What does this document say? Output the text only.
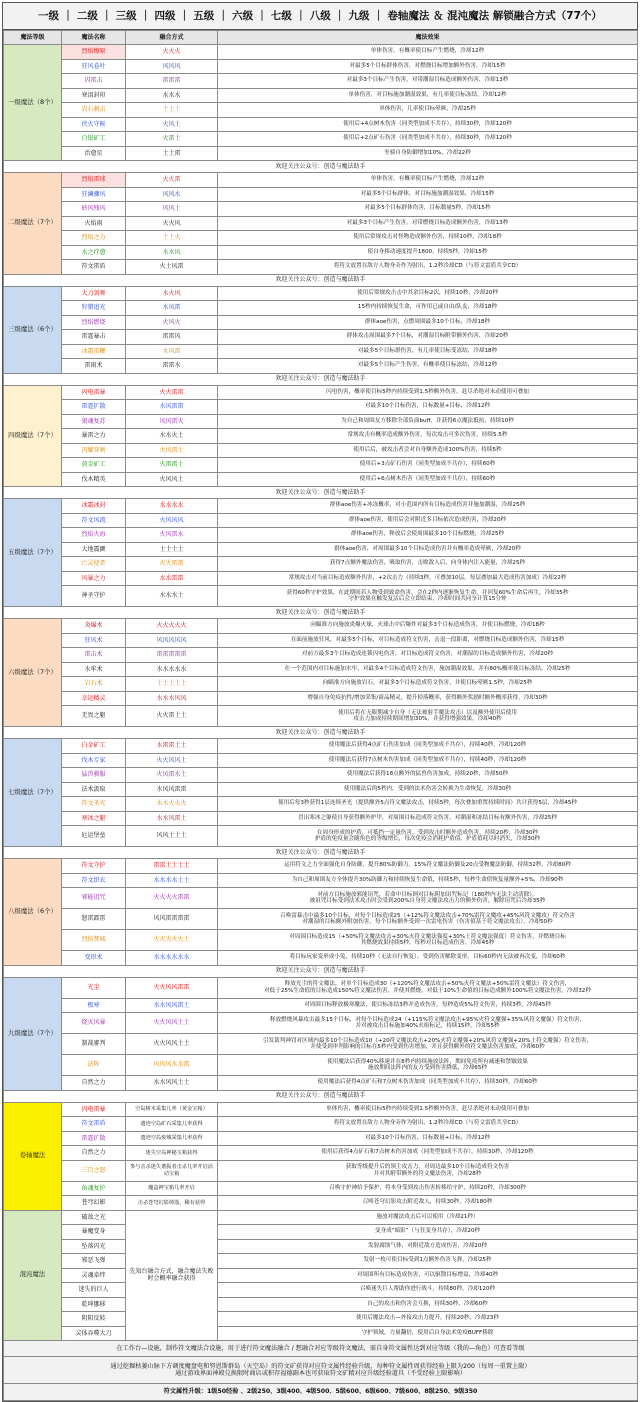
一级 ｜ 二级 ｜ 三级 ｜ 四级 ｜ 五级 ｜ 六级 ｜ 七级 ｜ 八级 ｜ 九级 ｜ 卷轴魔法 ＆ 混沌魔法 解锁融合方式（77个）
魔法等级	魔法名称	融合方式	魔法效果
一级魔法（8个）	烈焰燎原	火火火	单体伤害，有概率使目标产生燃烧，冷却12秒
	狂风卷叶	风风风	对最多5个目标群体伤害，对燃烧目标增加额外伤害，冷却15秒
	闪雷击	雷雷雷	对最多3个目标产生伤害，对带潮湿目标造成额外伤害，冷却13秒
	寒泪封印	水水水	单体伤害，对目标施加潮湿效果，有几率使目标冻结，冷却12秒
	岩石刺击	土土土	单体伤害，几率使目标晕厥，冷却25秒
	伏火守候	火风土	使用后+4点树木伤害（同类型加成不共存），持续30秒，冷却120秒
	白银矿工	火雷土	使用后+2点矿石伤害（同类型加成不共存），持续30秒，冷却120秒
	治愈星	土土雷	坐骑自身防御增加10%，冷却22秒
欢迎关注公众号：创造与魔法助手			
二级魔法（7个）	烈焰雷球	火火雷	单体伤害，有概率使目标产生燃烧，冷却12秒
	狂澜骤风	风风水	对最多5个目标群体，对目标施加潮湿效果，冷却15秒
	砂风残风	风风土	对最多5个目标群体伤害，目标数量5秒，冷却15秒
	火焰雨	火火风	对最多3个目标产生伤害，对带燃烧目标造成额外伤害，冷却13秒
	烈焰之力	土土火	使用后常规攻击对怪物造成额外伤害，持续10秒，冷却18秒
	水之疗愈	水水风	使自身移动速度提升1800，持续5秒，冷却15秒
	符文雷盾	火土风雷	将符文放置在敌方人物身旁作为射出，1.2秒冷却CD（与符文雷盾共享CD）
欢迎关注公众号：创造与魔法助手			
三级魔法（6个）	大刀剑舞	水火风	使用后常规攻击击中其余目标2次，持续10秒，冷却20秒
	狩猎追光	水风雷	15秒内持续恢复生命，可作用已或自由/队友，冷却18秒
	烈焰燃烧	火风火	群体aoe伤害，点燃周围最多10个目标，冷却18秒
	雷霆暴击	雷雷风	群体攻击周围最多7个目标，对潮湿目标附带额外伤害，冷却20秒
	冰霜雷鞭	水风雷	对最多5个目标群伤害，有几率使目标受冻结，冷却18秒
	雷雨术	雷雷水	对最多5个目标产生伤害，有概率使目标冻结，冷却12秒
欢迎关注公众号：创造与魔法助手			
四级魔法（7个）	闪电雷暴	火火雷雷	闪电伤害，概率使目标5秒内持续受到1.5秒额外伤害，赶尽杀绝对未动使用可叠加
	雷霆扩散	水风雷雷	对最多10个目标伤害，目标数量+目标，冷却12秒
	狼魂复苏	风风雷火	为自己和周围友方移除全部负面buff，并获得6点魔法抵抗，持续10秒
	暴雷之力	水水火土	常规攻击有概率造成额外伤害，每次攻击可多次伤害，持续5.5秒
	闪耀穿刺	火风雷土	使用后后，被攻击者会对自身额外造成100%伤害，持续5秒
	黄金矿工	火雷雷土	使用后+3点矿石伤害（同类型加成不共存），持续60秒
	伐木精英	火风风土	使用后+6点树木伤害（同类型加成不共存），持续60秒
欢迎关注公众号：创造与魔法助手			
五级魔法（7个）	冰霜冰封	水水水水	群体aoe伤害+冰冻概率，对小范围内所有目标造成伤害并施加潮湿，冷却25秒
	符文风流	火风风风	群体aoe伤害，使用后会对附近多目标依次造成伤害，冷却20秒
	烈焰火海	火风雷水	群体aoe伤害，释放后会使周围最多10个目标燃烧，冷却25秒
	大地震颤	土土土土	群体aoe伤害，对周围最多10个目标造成伤害并有概率造成晕厥，冷却20秒
	亡灵使者	火火雷雷	获得7点额外魔法伤害，吸取伤害，击败敌人后，向身体内注入能量，冷却25秒
	风暴之力	水水雷雷	常规攻击对当前目标造成额外伤害，+2次击力（持续3秒，可叠加10层，每层叠加最大造成伤害加成）冷却22秒
	神圣守护	水水水土	获得60秒守护效果，在此期间若人物受到致命伤害，会在2秒内逐渐恢复生命，并回复60%生命后再生，冷却35秒
守护效果在触发复活后会立即结束，冷却时间共同享计算15分钟
欢迎关注公众号：创造与魔法助手			
六级魔法（7个）	炎爆术	火火火火火	向瞄准方向施放炎爆火球，火球击中后爆炸对最多3个目标造成伤害，并使目标燃烧，冷却18秒
	狂风术	风风风风风	在面前施放狂风，对最多5个目标，对目标造成符文伤害，击退一段距离，对燃烧目标造成额外伤害，冷却15秒
	雷击术	雷雷雷雷雷	对前方最多3个目标造成连锁闪电伤害，对目标造成符文伤害，对潮湿的目标造成额外伤害，冷却20秒
	水牢术	水水水水水	在一个范围内对目标施加水牢，对最多4个目标造成符文伤害，施加潮湿效果，并有80%概率使目标冻结，冷却25秒
	岩石术	土土土土土	向瞄准方向施放岩石，对最多3个目标造成符文伤害，并使目标晕厥1.5秒，冷却25秒
	幸运精灵	水水水风风	增强自身免疫抗性/增加采集/商品精灵，提升掉落概率，获得额外奖励时额外概率获得，冷却30秒
	无畏之躯	火火雷土土	使用后将在无限期减少自身（无法被射手魔法攻击）以及额外使用后使用
攻击力加成持续期间增加30%，并获得增强效果，冷却40秒
欢迎关注公众号：创造与魔法助手			
七级魔法（7个）	白金矿工	水雷雷土土	使用魔法后获得4点矿石伤害加成（同类型加成不共存），持续40秒，冷却120秒
	伐木专家	火火风风土	使用魔法后获得7点树木伤害加成（同类型加成不共存），持续40秒，冷却120秒
	猛兽驯服	火风雷水土	使用魔法后获得18点额外的猛兽伤害加成，持续20秒，冷却50秒
	法术汲取	水风风雷雷	使用魔法后的5秒内，受到的法术伤害会转换为生命恢复，冷却30秒
	符文圣光	水水火火火	使用后每3秒获得1层连续圣光（提供额外5点符文魔法攻击，持续5秒，每次叠加重置持续时间）共计获得5层，冷却45秒
	寒冰之躯	水水风雷土	冒出寒冰之躯使自身获得额外护甲，对周围目标造成符文伤害，对潮湿和冻结目标有额外伤害，冷却25秒
	厄运堡垒	风风土土土	在周身形成的护盾，可抵挡一定量伤害，受到攻击时额外造成伤害，持续20秒，冷却30秒
护盾的免疫量会随角色的等级增长，每次免疫会消耗护盾值，护盾值耗尽时消失，冷却30秒
欢迎关注公众号：创造与魔法助手			
八级魔法（6个）	符文守护	雷雷土土土土	运用符文之力全面强化自身防御，提升80%防御力，15%符文魔法防御及20点受物魔法防御，持续32秒，冷却80秒
	符文织衣	水水水水土土	为自己和周围友方全体提升30%防御力和持续恢复生命值，持续5秒，每秒生命值恢复量额外+5%，冷却90秒
	邪能诅咒	火火火火雷雷	对前方目标施放邪能诅咒，若命中目标则对目标附加诅咒标记（180秒内无法主动清除），
被诅咒目标受到法术攻击时会受到200%自身符文魔法攻击力的额外伤害，解除诅咒后冷却35秒
	怒雷霹雳	风风雷雷雷雷	召唤雷暴击中最多10个目标，对每个目标造成25（+12%符文魔法攻击+70%雷符文魔攻+45%风符文魔攻）符文伤害
对潮湿的目标额外附加伤害，每个目标额外受到一次雷电伤害（伤害值基于符文魔法攻击），冷却50秒
	烈焰焚城	火火火火火土	对周围目标造成15（+50%符文魔法攻击+30%火符文魔法强度+30%土符文魔法强度）符文伤害，并燃烧目标
其燃烧效果持续5秒，每秒对目标造成伤害，冷却45秒
	变形术	水水水水水水	将目标玩家变形成小兔，持续10秒（无法自行恢复），受到伤害解除变形，目标60秒内无法被再次变，冷却60秒
欢迎关注公众号：创造与魔法助手			
九级魔法（7个）	光尘	火火风风雷雷	释放光尘的符文魔法，对单个目标造成30（+120%符文魔法攻击+50%火符文魔法+50%雷符文魔法）符文伤害，
对低于25%生命值的目标造成150%符文魔法伤害，并使其燃烧，对低于10%生命值的目标造成额外100%符文魔法伤害，冷却32秒
	极寒	水水风风雷土	对周围目标释放极寒魔法，使目标冻结3秒并造成伤害，每秒造成5%符文伤害，持续3秒，冷却45秒
	烧灭风暴	火火风风土土	释放燃烧风暴攻击最多15个目标，对每个目标造成24（+115%符文魔法攻击+95%火符文魔强+35%风符文魔强）符文伤害，
并对被攻击目标施加40%火焰标记，持续15秒，冷却55秒
	制裁審判	火火风风土土	引发裁判神罚对区域内最多10个目标造成10（+20符文魔法攻击+20%火符文魔强+20%风符文魔强+20%土符文魔强）符文伤害，
并使受到审判影响的目标在5秒内受到伤害增加，并且获得额外的符文魔法伤害加成，冷却60秒
	法阵	风风风水水雷	使用魔法后获得40%移速并在8秒内持续施放法阵，期间免疫所有减速和禁锢效果
施放期间法阵内的友方受到伤害降低，冷却65秒
	自然之力	水水风风土土	使用魔法后获得4点矿石和7点树木伤害加成（同类型加成不共存），持续30秒，冷却60秒
欢迎关注公众号：创造与魔法助手			
卷轴魔法	闪电雷暴	空岛树木采集儿率（黄金宝箱）	单体伤害，概率使目标5秒内持续受到1.5秒额外伤害，赶尽杀绝对未动使用可叠加
	符文雷盾	遗迹空岛矿石采集儿率获得	将符文放置在敌方人物身旁作为射出，1.2秒冷却CD（与符文雷盾共享CD）
	雷霆扩散	遗迹空岛废墟采集儿率获得	对最多10个目标伤害，目标数量+目标，冷却12秒
	自然之力	迷失空岛神秘宝箱获得	使用后获得4点矿石和7点树木伤害加成（同类型加成不共存），持续30秒，冷却120秒
	三百之怒	参与击杀迷失谐振者击杀儿率开启活动宝箱	获取等级提升后的领主攻击力，对周边最多10个目标造成符文伤害
并对其附带额外的符文魔法伤害，冷却28秒
	角魂复护	魔盒神宝箱几率开启	召唤守护神给予保护，将本身受到攻击伤害转移给守护，持续20秒，冷却300秒
	苍穹幻影	击杀苍穹幻影掉落，稀有获得	召唤苍穹幻影攻击附近敌人，持续30秒，冷却180秒
混沌魔法	破敌之光	先知台融合方式，融合魔法失败时会概率融合获得	施放对魔法攻击后可以使用（冷却21秒）
	暴魔变身		变身成“暗影”（与狂变身共存），冷却20秒
	坠落闪光		发射腐蚀气体，对附近敌方造成伤害，冷却20秒
	邪恶飞弹		发射一枚可使目标受到1点额外伤害飞弹，冷却25秒
	灵魂牵绊		对周围所有目标造成伤害，可以驱散目标增益，冷却40秒
	迷失的巨人		召唤迷失巨人帮助你进行战斗，持续80秒，冷却120秒
	乾坤挪移		自己的攻击和伤害会互换，持续30秒，冷却60秒
	阴阳反转		使用后魔法攻击—外接攻击力提升，持续20秒，冷却23秒
	灵体吞噬大刀		守护领域，力量翻倍，使用后自身法术免疫BUFF移除
在工作台—设施，制作符文魔法合设施，用于进行符文魔法融合 / 想融合对应等级符文魔法，需自身符文属性达到对应等级（我的—角色）可查看等级			
通过挖掘枯萎山脉下方调度魔盘电和努恩斯群岛（天空岛）的符文矿获得对应符文属性经验升级，每种符文属性周获得经验上限为200（每周一重置上限）
通过游戏界面神殿兑换限时商店或积存福德副本也可获取符文矿精对应升级经验道具（不受经验上限影响）			
符文属性升级：1级50经验 、2级250、3级400、4级500、5级600、6级600、7级600、8级250、9级350			
